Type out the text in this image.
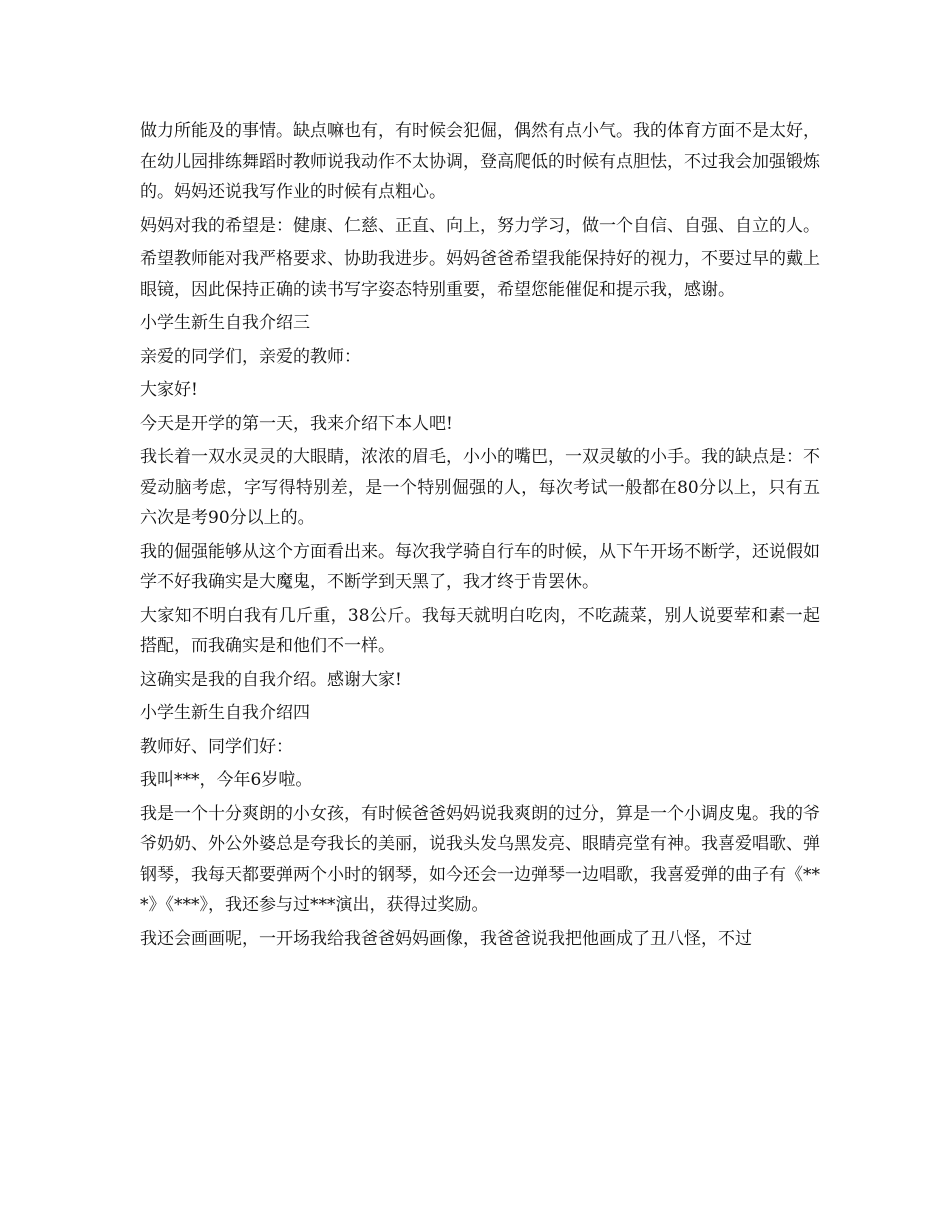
做力所能及的事情。缺点嘛也有，有时候会犯倔，偶然有点小气。我的体育方面不是太好，在幼儿园排练舞蹈时教师说我动作不太协调，登高爬低的时候有点胆怯，不过我会加强锻炼的。妈妈还说我写作业的时候有点粗心。

妈妈对我的希望是：健康、仁慈、正直、向上，努力学习，做一个自信、自强、自立的人。

希望教师能对我严格要求、协助我进步。妈妈爸爸希望我能保持好的视力，不要过早的戴上眼镜，因此保持正确的读书写字姿态特别重要，希望您能催促和提示我，感谢。

小学生新生自我介绍三

亲爱的同学们，亲爱的教师：

大家好!

今天是开学的第一天，我来介绍下本人吧!

我长着一双水灵灵的大眼睛，浓浓的眉毛，小小的嘴巴，一双灵敏的小手。我的缺点是：不爱动脑考虑，字写得特别差，是一个特别倔强的人，每次考试一般都在80分以上，只有五六次是考90分以上的。

我的倔强能够从这个方面看出来。每次我学骑自行车的时候，从下午开场不断学，还说假如学不好我确实是大魔鬼，不断学到天黑了，我才终于肯罢休。

大家知不明白我有几斤重，38公斤。我每天就明白吃肉，不吃蔬菜，别人说要荤和素一起搭配，而我确实是和他们不一样。

这确实是我的自我介绍。感谢大家!

小学生新生自我介绍四

教师好、同学们好：

我叫***，今年6岁啦。

我是一个十分爽朗的小女孩，有时候爸爸妈妈说我爽朗的过分，算是一个小调皮鬼。我的爷爷奶奶、外公外婆总是夸我长的美丽，说我头发乌黑发亮、眼睛亮堂有神。我喜爱唱歌、弹钢琴，我每天都要弹两个小时的钢琴，如今还会一边弹琴一边唱歌，我喜爱弹的曲子有《***》《***》，我还参与过***演出，获得过奖励。

我还会画画呢，一开场我给我爸爸妈妈画像，我爸爸说我把他画成了丑八怪，不过
